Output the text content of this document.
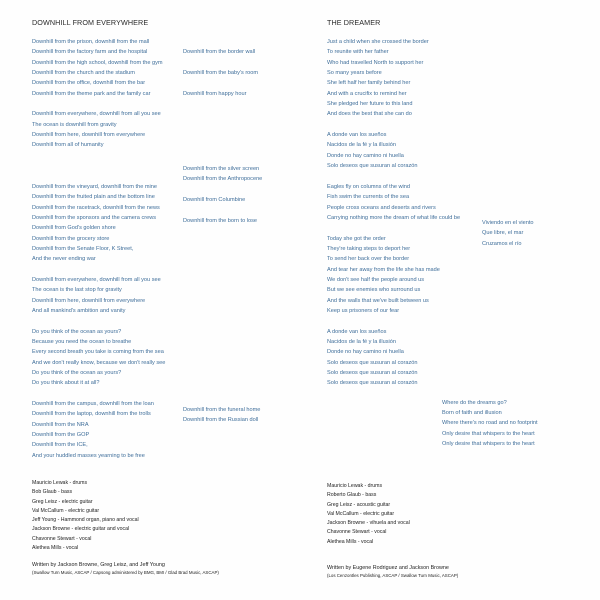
DOWNHILL FROM EVERYWHERE
Downhill from the prison, downhill from the mall
Downhill from the factory farm and the hospital
Downhill from the high school, downhill from the gym
Downhill from the church and the stadium
Downhill from the office, downhill from the bar
Downhill from the theme park and the family car
Downhill from everywhere, downhill from all you see
The ocean is downhill from gravity
Downhill from here, downhill from everywhere
Downhill from all of humanity
Downhill from the vineyard, downhill from the mine
Downhill from the fruited plain and the bottom line
Downhill from the racetrack, downhill from the news
Downhill from the sponsors and the camera crews
Downhill from God's golden shore
Downhill from the grocery store
Downhill from the Senate Floor, K Street,
And the never ending war
Downhill from everywhere, downhill from all you see
The ocean is the last stop for gravity
Downhill from here, downhill from everywhere
And all mankind's ambition and vanity
Do you think of the ocean as yours?
Because you need the ocean to breathe
Every second breath you take is coming from the sea
And we don't really know, because we don't really see
Do you think of the ocean as yours?
Do you think about it at all?
Downhill from the campus, downhill from the loan
Downhill from the laptop, downhill from the trolls
Downhill from the NRA
Downhill from the GOP
Downhill from the ICE,
And your huddled masses yearning to be free
Downhill from the border wall
Downhill from the baby's room
Downhill from happy hour
Downhill from the silver screen
Downhill from the Anthropocene
Downhill from Columbine
Downhill from the born to lose
Downhill from the funeral home
Downhill from the Russian doll
Mauricio Lewak - drums
Bob Glaub - bass
Greg Leisz - electric guitar
Val McCallum - electric guitar
Jeff Young - Hammond organ, piano and vocal
Jackson Browne - electric guitar and vocal
Chavonne Stewart - vocal
Alethea Mills - vocal
Written by Jackson Browne, Greg Leisz, and Jeff Young
(Swallow Turn Music, ASCAP / Capsong administered by BMG, BMI / Glad Brad Music, ASCAP)
THE DREAMER
Just a child when she crossed the border
To reunite with her father
Who had travelled North to support her
So many years before
She left half her family behind her
And with a crucifix to remind her
She pledged her future to this land
And does the best that she can do
A donde van los sueños
Nacidos de la fé y la illusión
Donde no hay camino ni huella
Solo deseos que susuran al corazón
Eagles fly on columns of the wind
Fish swim the currents of the sea
People cross oceans and deserts and rivers
Carrying nothing more the dream of what life could be
Today she got the order
They're taking steps to deport her
To send her back over the border
And tear her away from the life she has made
We don't see half the people around us
But we see enemies who surround us
And the walls that we've built between us
Keep us prisoners of our fear
A donde van los sueños
Nacidos de la fé y la illusión
Donde no hay camino ni huella
Solo deseos que susuran al corazón
Solo deseos que susuran al corazón
Solo deseos que susuran al corazón
Viviendo en el viento
Que libre, el mar
Cruzamos el río
Where do the dreams go?
Born of faith and illusion
Where there's no road and no footprint
Only desire that whispers to the heart
Only desire that whispers to the heart
Mauricio Lewak - drums
Roberto Glaub - bass
Greg Leisz - acoustic guitar
Val McCallum - electric guitar
Jackson Browne - vihuela and vocal
Chavonne Stewart - vocal
Alethea Mills - vocal
Written by Eugene Rodriguez and Jackson Browne
(Los Cenzontles Publishing, ASCAP / Swallow Turn Music, ASCAP)
